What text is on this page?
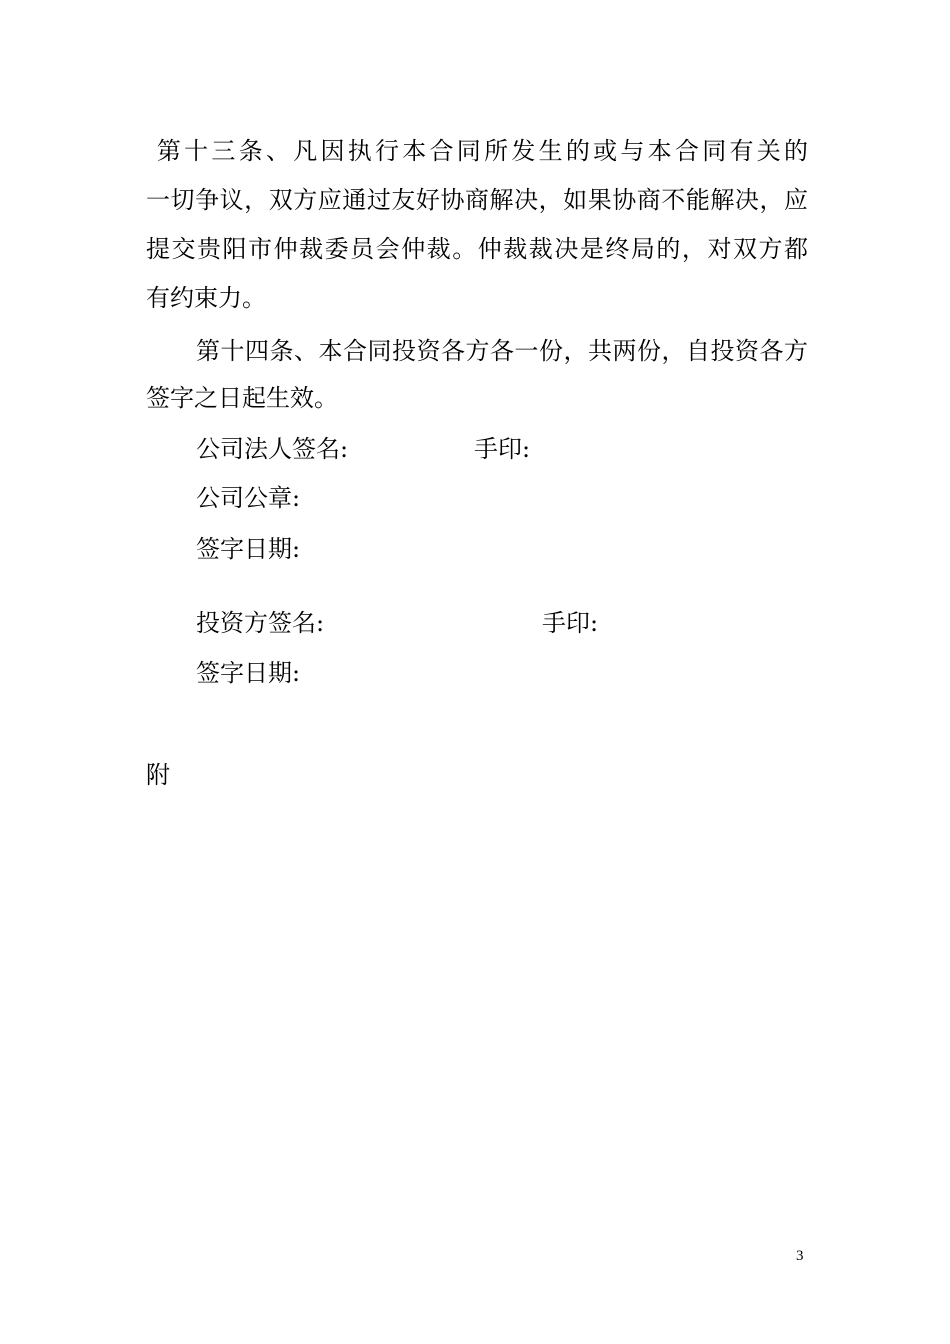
第十三条、凡因执行本合同所发生的或与本合同有关的
一切争议，双方应通过友好协商解决，如果协商不能解决，应
提交贵阳市仲裁委员会仲裁。仲裁裁决是终局的，对双方都
有约束力。
第十四条、本合同投资各方各一份，共两份，自投资各方
签字之日起生效。
公司法人签名:	手印:
公司公章:
签字日期:
投资方签名:	手印:
签字日期:
附
3
